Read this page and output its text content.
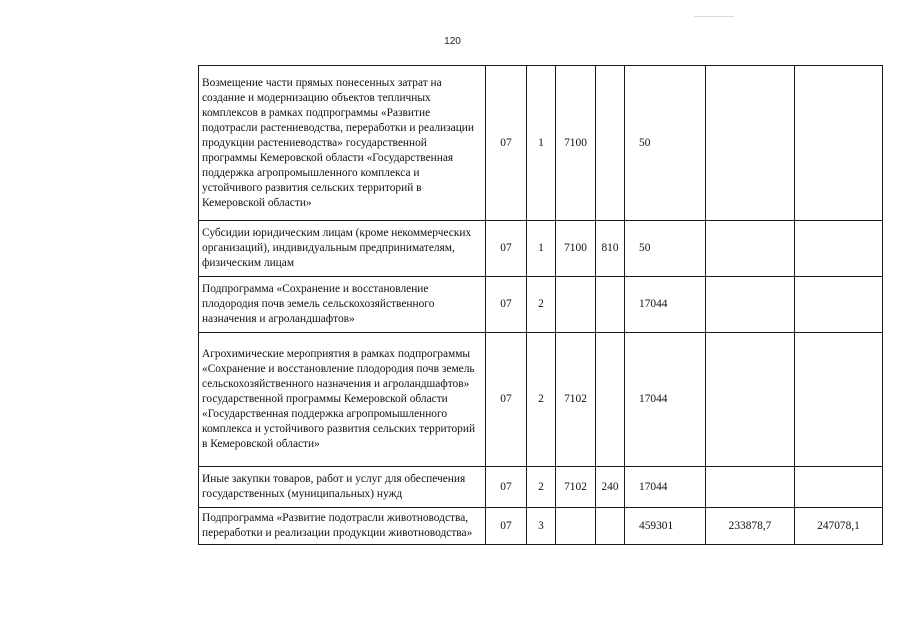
120
Возмещение части прямых понесенных затрат на создание и модернизацию объектов тепличных комплексов в рамках подпрограммы «Развитие подотрасли растениеводства, переработки и реализации продукции растениеводства» государственной программы Кемеровской области «Государственная поддержка агропромышленного комплекса и устойчивого развития сельских территорий в Кемеровской области»	07	1	7100		50		
Субсидии юридическим лицам (кроме некоммерческих организаций), индивидуальным предпринимателям, физическим лицам	07	1	7100	810	50		
Подпрограмма «Сохранение и восстановление плодородия почв земель сельскохозяйственного назначения и агроландшафтов»	07	2			17044		
Агрохимические мероприятия в рамках подпрограммы «Сохранение и восстановление плодородия почв земель сельскохозяйственного назначения и агроландшафтов» государственной программы Кемеровской области «Государственная поддержка агропромышленного комплекса и устойчивого развития сельских территорий в Кемеровской области»	07	2	7102		17044		
Иные закупки товаров, работ и услуг для обеспечения государственных (муниципальных) нужд	07	2	7102	240	17044		
Подпрограмма «Развитие подотрасли животноводства, переработки и реализации продукции животноводства»	07	3			459301	233878,7	247078,1
